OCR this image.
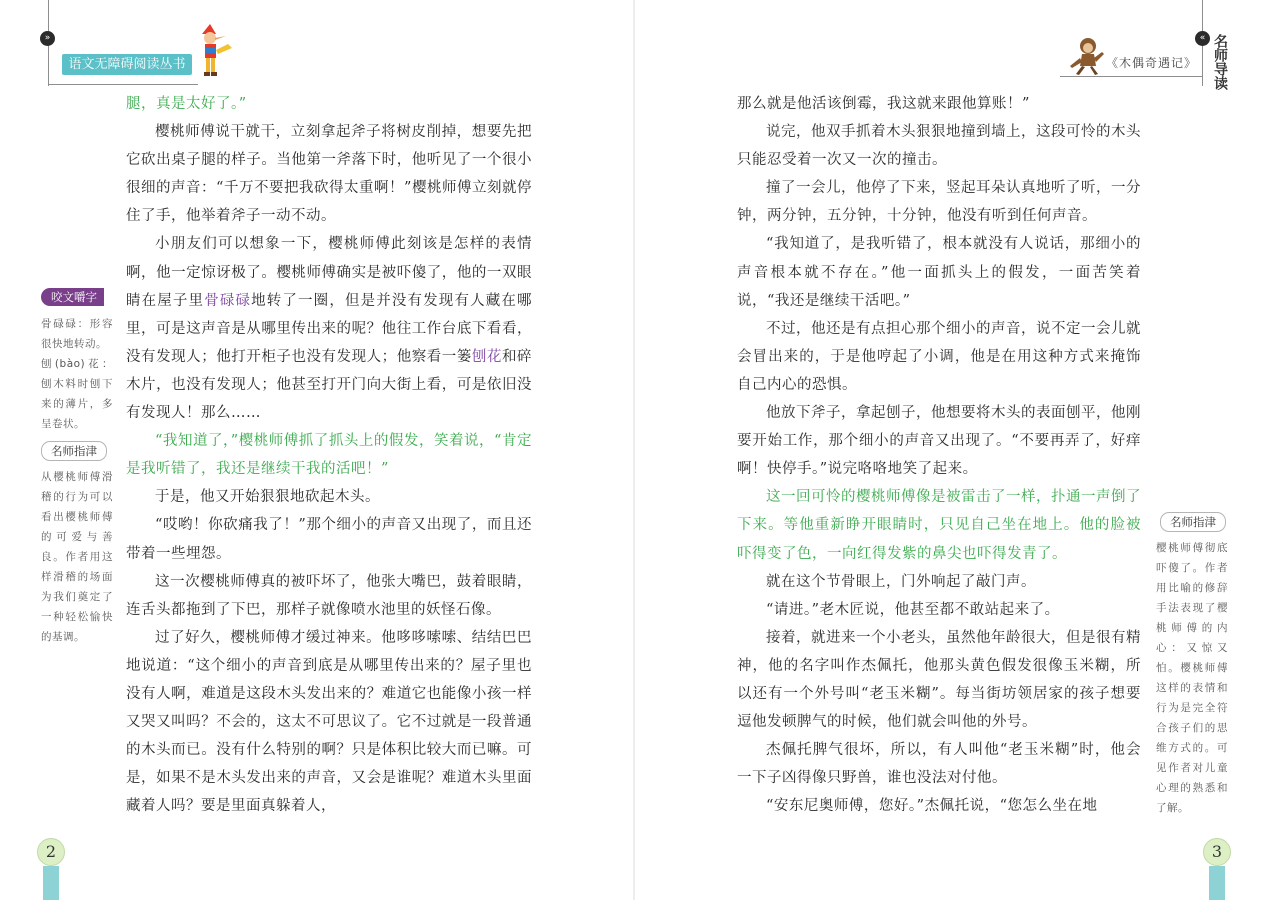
»
语文无障碍阅读丛书

腿，真是太好了。”

樱桃师傅说干就干，立刻拿起斧子将树皮削掉，想要先把它砍出桌子腿的样子。当他第一斧落下时，他听见了一个很小很细的声音：“千万不要把我砍得太重啊！”樱桃师傅立刻就停住了手，他举着斧子一动不动。

小朋友们可以想象一下，樱桃师傅此刻该是怎样的表情啊，他一定惊讶极了。樱桃师傅确实是被吓傻了，他的一双眼睛在屋子里骨碌碌地转了一圈，但是并没有发现有人藏在哪里，可是这声音是从哪里传出来的呢？他往工作台底下看看，没有发现人；他打开柜子也没有发现人；他察看一篓刨花和碎木片，也没有发现人；他甚至打开门向大街上看，可是依旧没有发现人！那么……

“我知道了，”樱桃师傅抓了抓头上的假发，笑着说，“肯定是我听错了，我还是继续干我的活吧！”

于是，他又开始狠狠地砍起木头。

“哎哟！你砍痛我了！”那个细小的声音又出现了，而且还带着一些埋怨。

这一次樱桃师傅真的被吓坏了，他张大嘴巴，鼓着眼睛，连舌头都拖到了下巴，那样子就像喷水池里的妖怪石像。

过了好久，樱桃师傅才缓过神来。他哆哆嗦嗦、结结巴巴地说道：“这个细小的声音到底是从哪里传出来的？屋子里也没有人啊，难道是这段木头发出来的？难道它也能像小孩一样又哭又叫吗？不会的，这太不可思议了。它不过就是一段普通的木头而已。没有什么特别的啊？只是体积比较大而已嘛。可是，如果不是木头发出来的声音，又会是谁呢？难道木头里面藏着人吗？要是里面真躲着人，

咬文嚼字
骨碌碌：形容很快地转动。
刨(bào)花：刨木料时刨下来的薄片，多呈卷状。
名师指津
从樱桃师傅滑稽的行为可以看出樱桃师傅的可爱与善良。作者用这样滑稽的场面为我们奠定了一种轻松愉快的基调。
2
《木偶奇遇记》
« 名师导读

那么就是他活该倒霉，我这就来跟他算账！”

说完，他双手抓着木头狠狠地撞到墙上，这段可怜的木头只能忍受着一次又一次的撞击。

撞了一会儿，他停了下来，竖起耳朵认真地听了听，一分钟，两分钟，五分钟，十分钟，他没有听到任何声音。

“我知道了，是我听错了，根本就没有人说话，那细小的声音根本就不存在。”他一面抓头上的假发，一面苦笑着说，“我还是继续干活吧。”

不过，他还是有点担心那个细小的声音，说不定一会儿就会冒出来的，于是他哼起了小调，他是在用这种方式来掩饰自己内心的恐惧。

他放下斧子，拿起刨子，他想要将木头的表面刨平，他刚要开始工作，那个细小的声音又出现了。“不要再弄了，好痒啊！快停手。”说完咯咯地笑了起来。

这一回可怜的樱桃师傅像是被雷击了一样，扑通一声倒了下来。等他重新睁开眼睛时，只见自己坐在地上。他的脸被吓得变了色，一向红得发紫的鼻尖也吓得发青了。

就在这个节骨眼上，门外响起了敲门声。

“请进。”老木匠说，他甚至都不敢站起来了。

接着，就进来一个小老头，虽然他年龄很大，但是很有精神，他的名字叫作杰佩托，他那头黄色假发很像玉米糊，所以还有一个外号叫“老玉米糊”。每当街坊领居家的孩子想要逗他发顿脾气的时候，他们就会叫他的外号。

杰佩托脾气很坏，所以，有人叫他“老玉米糊”时，他会一下子凶得像只野兽，谁也没法对付他。

“安东尼奥师傅，您好。”杰佩托说，“您怎么坐在地

名师指津
樱桃师傅彻底吓傻了。作者用比喻的修辞手法表现了樱桃师傅的内心：又惊又怕。樱桃师傅这样的表情和行为是完全符合孩子们的思维方式的。可见作者对儿童心理的熟悉和了解。
3
